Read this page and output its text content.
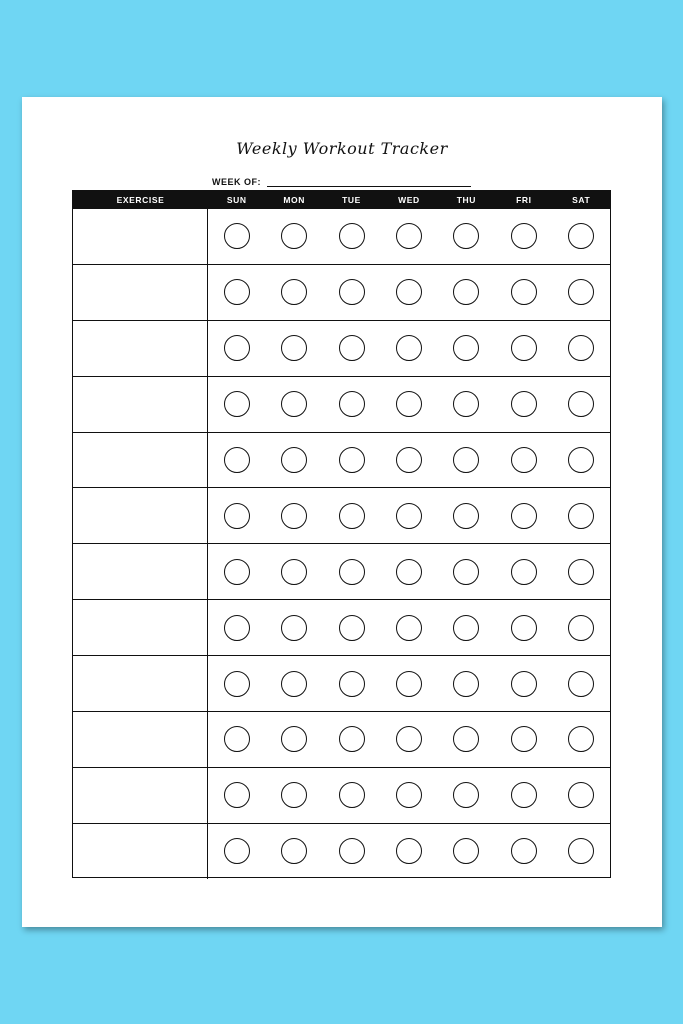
Weekly Workout Tracker
WEEK OF:
EXERCISE	SUN	MON	TUE	WED	THU	FRI	SAT
